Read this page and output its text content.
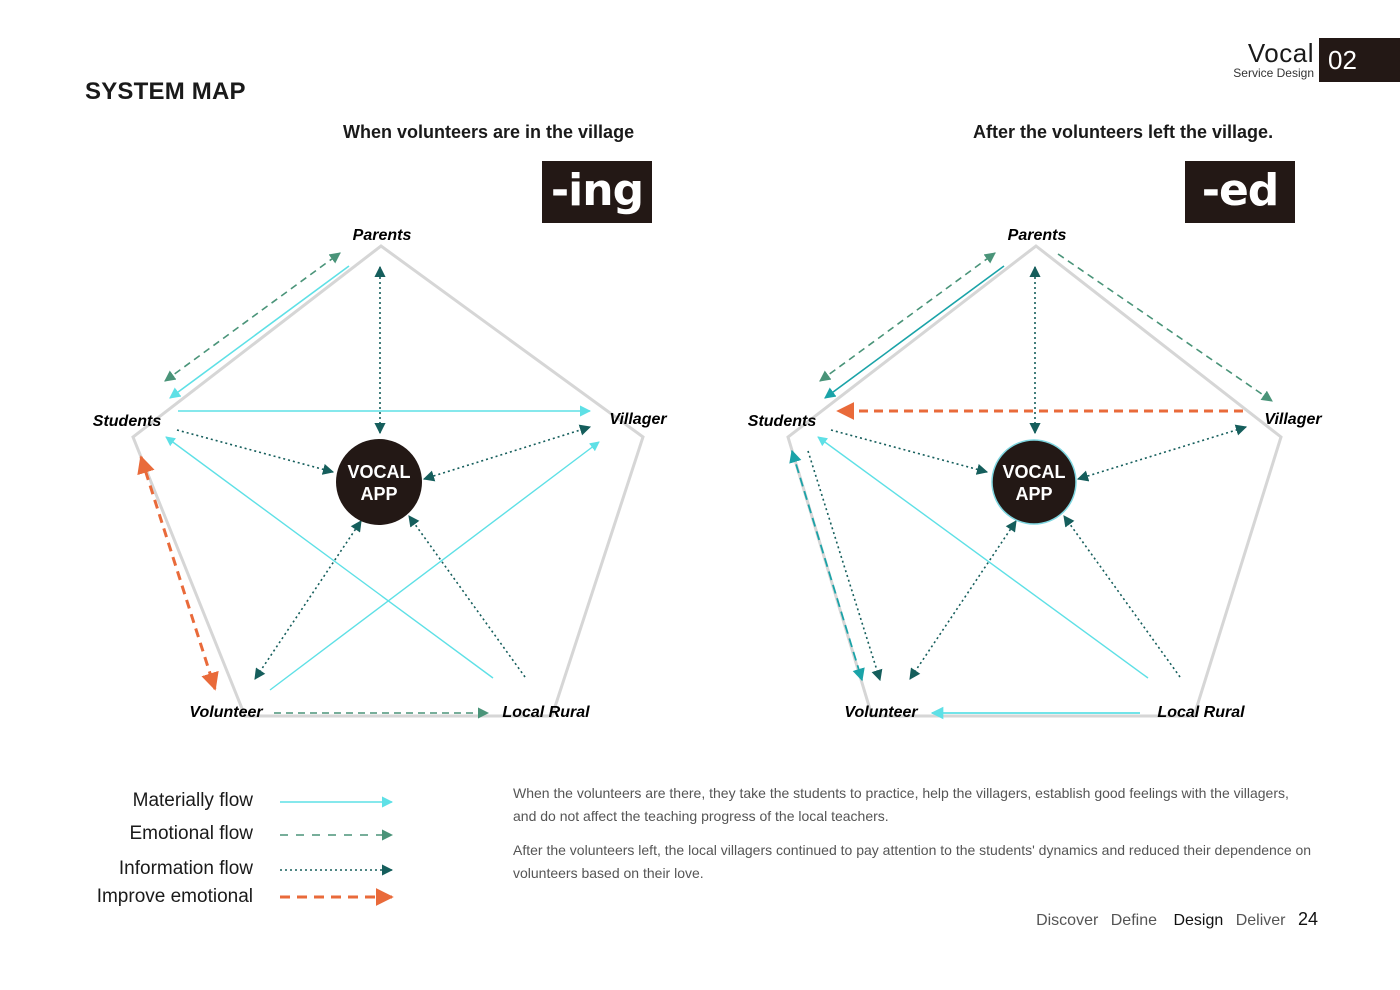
Vocal
Service Design 02
SYSTEM MAP
When volunteers are in the village	After the volunteers left the village.
-ing	-ed
VOCAL
APP
Parents
Students	Villager
Volunteer	Local Rural
VOCAL
APP
Parents
Students	Villager
Volunteer	Local Rural
Materially flow
Emotional flow
Information flow
Improve emotional
When the volunteers are there, they take the students to practice, help the villagers, establish good feelings with the villagers, and do not affect the teaching progress of the local teachers.
After the volunteers left, the local villagers continued to pay attention to the students' dynamics and reduced their dependence on volunteers based on their love.
Discover Define Design Deliver 24
